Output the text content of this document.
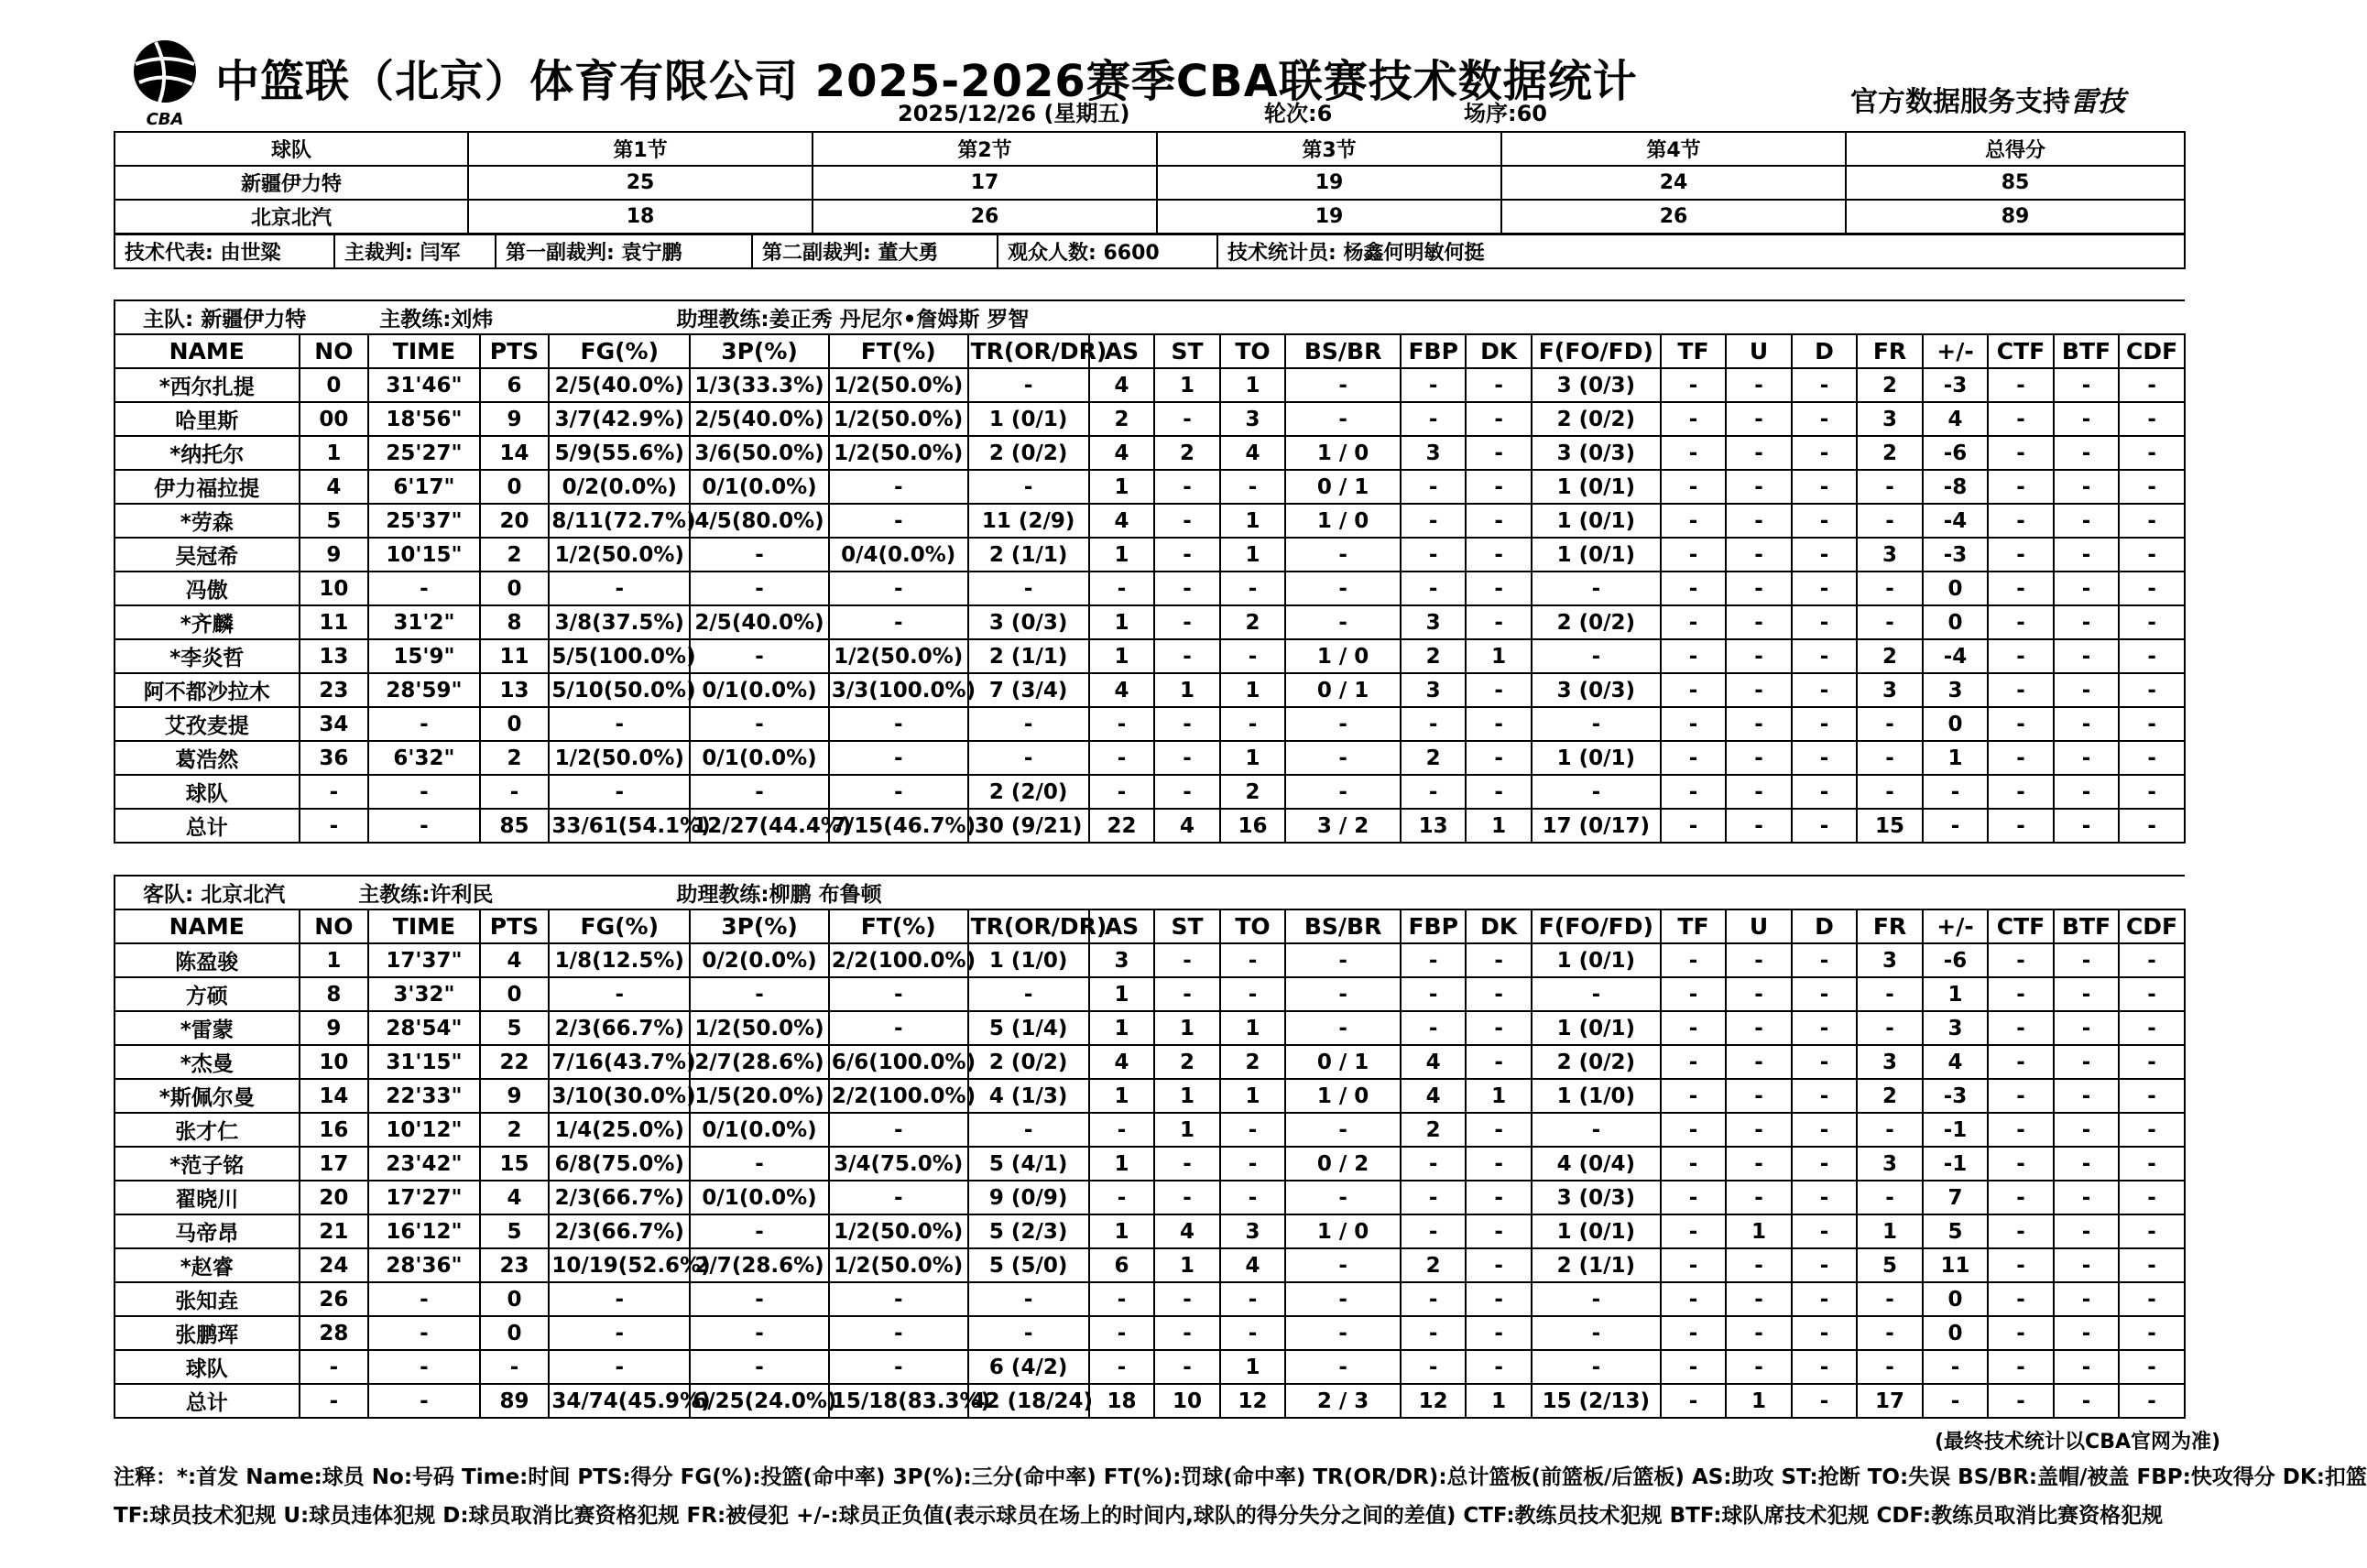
CBA
中篮联（北京）体育有限公司 2025-2026赛季CBA联赛技术数据统计
2025/12/26 (星期五)	轮次:6	场序:60	官方数据服务支持雷技
球队	第1节	第2节	第3节	第4节	总得分
新疆伊力特	25	17	19	24	85
北京北汽	18	26	19	26	89
技术代表: 由世粱	主裁判: 闫军	第一副裁判: 袁宁鹏	第二副裁判: 董大勇	观众人数: 6600	技术统计员: 杨鑫何明敏何挺
主队: 新疆伊力特 主教练:刘炜 助理教练:姜正秀 丹尼尔•詹姆斯 罗智																						
NAME	NO	TIME	PTS	FG(%)	3P(%)	FT(%)	TR(OR/DR)	AS	ST	TO	BS/BR	FBP	DK	F(FO/FD)	TF	U	D	FR	+/-	CTF	BTF	CDF
*西尔扎提	0	31'46"	6	2/5(40.0%)	1/3(33.3%)	1/2(50.0%)	-	4	1	1	-	-	-	3 (0/3)	-	-	-	2	-3	-	-	-
哈里斯	00	18'56"	9	3/7(42.9%)	2/5(40.0%)	1/2(50.0%)	1 (0/1)	2	-	3	-	-	-	2 (0/2)	-	-	-	3	4	-	-	-
*纳托尔	1	25'27"	14	5/9(55.6%)	3/6(50.0%)	1/2(50.0%)	2 (0/2)	4	2	4	1 / 0	3	-	3 (0/3)	-	-	-	2	-6	-	-	-
伊力福拉提	4	6'17"	0	0/2(0.0%)	0/1(0.0%)	-	-	1	-	-	0 / 1	-	-	1 (0/1)	-	-	-	-	-8	-	-	-
*劳森	5	25'37"	20	8/11(72.7%)	4/5(80.0%)	-	11 (2/9)	4	-	1	1 / 0	-	-	1 (0/1)	-	-	-	-	-4	-	-	-
吴冠希	9	10'15"	2	1/2(50.0%)	-	0/4(0.0%)	2 (1/1)	1	-	1	-	-	-	1 (0/1)	-	-	-	3	-3	-	-	-
冯傲	10	-	0	-	-	-	-	-	-	-	-	-	-	-	-	-	-	-	0	-	-	-
*齐麟	11	31'2"	8	3/8(37.5%)	2/5(40.0%)	-	3 (0/3)	1	-	2	-	3	-	2 (0/2)	-	-	-	-	0	-	-	-
*李炎哲	13	15'9"	11	5/5(100.0%)	-	1/2(50.0%)	2 (1/1)	1	-	-	1 / 0	2	1	-	-	-	-	2	-4	-	-	-
阿不都沙拉木	23	28'59"	13	5/10(50.0%)	0/1(0.0%)	3/3(100.0%)	7 (3/4)	4	1	1	0 / 1	3	-	3 (0/3)	-	-	-	3	3	-	-	-
艾孜麦提	34	-	0	-	-	-	-	-	-	-	-	-	-	-	-	-	-	-	0	-	-	-
葛浩然	36	6'32"	2	1/2(50.0%)	0/1(0.0%)	-	-	-	-	1	-	2	-	1 (0/1)	-	-	-	-	1	-	-	-
球队	-	-	-	-	-	-	2 (2/0)	-	-	2	-	-	-	-	-	-	-	-	-	-	-	-
总计	-	-	85	33/61(54.1%)	12/27(44.4%)	7/15(46.7%)	30 (9/21)	22	4	16	3 / 2	13	1	17 (0/17)	-	-	-	15	-	-	-	-
客队: 北京北汽 主教练:许利民 助理教练:柳鹏 布鲁顿																						
NAME	NO	TIME	PTS	FG(%)	3P(%)	FT(%)	TR(OR/DR)	AS	ST	TO	BS/BR	FBP	DK	F(FO/FD)	TF	U	D	FR	+/-	CTF	BTF	CDF
陈盈骏	1	17'37"	4	1/8(12.5%)	0/2(0.0%)	2/2(100.0%)	1 (1/0)	3	-	-	-	-	-	1 (0/1)	-	-	-	3	-6	-	-	-
方硕	8	3'32"	0	-	-	-	-	1	-	-	-	-	-	-	-	-	-	-	1	-	-	-
*雷蒙	9	28'54"	5	2/3(66.7%)	1/2(50.0%)	-	5 (1/4)	1	1	1	-	-	-	1 (0/1)	-	-	-	-	3	-	-	-
*杰曼	10	31'15"	22	7/16(43.7%)	2/7(28.6%)	6/6(100.0%)	2 (0/2)	4	2	2	0 / 1	4	-	2 (0/2)	-	-	-	3	4	-	-	-
*斯佩尔曼	14	22'33"	9	3/10(30.0%)	1/5(20.0%)	2/2(100.0%)	4 (1/3)	1	1	1	1 / 0	4	1	1 (1/0)	-	-	-	2	-3	-	-	-
张才仁	16	10'12"	2	1/4(25.0%)	0/1(0.0%)	-	-	-	1	-	-	2	-	-	-	-	-	-	-1	-	-	-
*范子铭	17	23'42"	15	6/8(75.0%)	-	3/4(75.0%)	5 (4/1)	1	-	-	0 / 2	-	-	4 (0/4)	-	-	-	3	-1	-	-	-
翟晓川	20	17'27"	4	2/3(66.7%)	0/1(0.0%)	-	9 (0/9)	-	-	-	-	-	-	3 (0/3)	-	-	-	-	7	-	-	-
马帝昂	21	16'12"	5	2/3(66.7%)	-	1/2(50.0%)	5 (2/3)	1	4	3	1 / 0	-	-	1 (0/1)	-	1	-	1	5	-	-	-
*赵睿	24	28'36"	23	10/19(52.6%)	2/7(28.6%)	1/2(50.0%)	5 (5/0)	6	1	4	-	2	-	2 (1/1)	-	-	-	5	11	-	-	-
张知垚	26	-	0	-	-	-	-	-	-	-	-	-	-	-	-	-	-	-	0	-	-	-
张鹏珲	28	-	0	-	-	-	-	-	-	-	-	-	-	-	-	-	-	-	0	-	-	-
球队	-	-	-	-	-	-	6 (4/2)	-	-	1	-	-	-	-	-	-	-	-	-	-	-	-
总计	-	-	89	34/74(45.9%)	6/25(24.0%)	15/18(83.3%)	42 (18/24)	18	10	12	2 / 3	12	1	15 (2/13)	-	1	-	17	-	-	-	-
(最终技术统计以CBA官网为准)
注释：*:首发 Name:球员 No:号码 Time:时间 PTS:得分 FG(%):投篮(命中率) 3P(%):三分(命中率) FT(%):罚球(命中率) TR(OR/DR):总计篮板(前篮板/后篮板) AS:助攻 ST:抢断 TO:失误 BS/BR:盖帽/被盖 FBP:快攻得分 DK:扣篮
TF:球员技术犯规 U:球员违体犯规 D:球员取消比赛资格犯规 FR:被侵犯 +/-:球员正负值(表示球员在场上的时间内,球队的得分失分之间的差值) CTF:教练员技术犯规 BTF:球队席技术犯规 CDF:教练员取消比赛资格犯规
